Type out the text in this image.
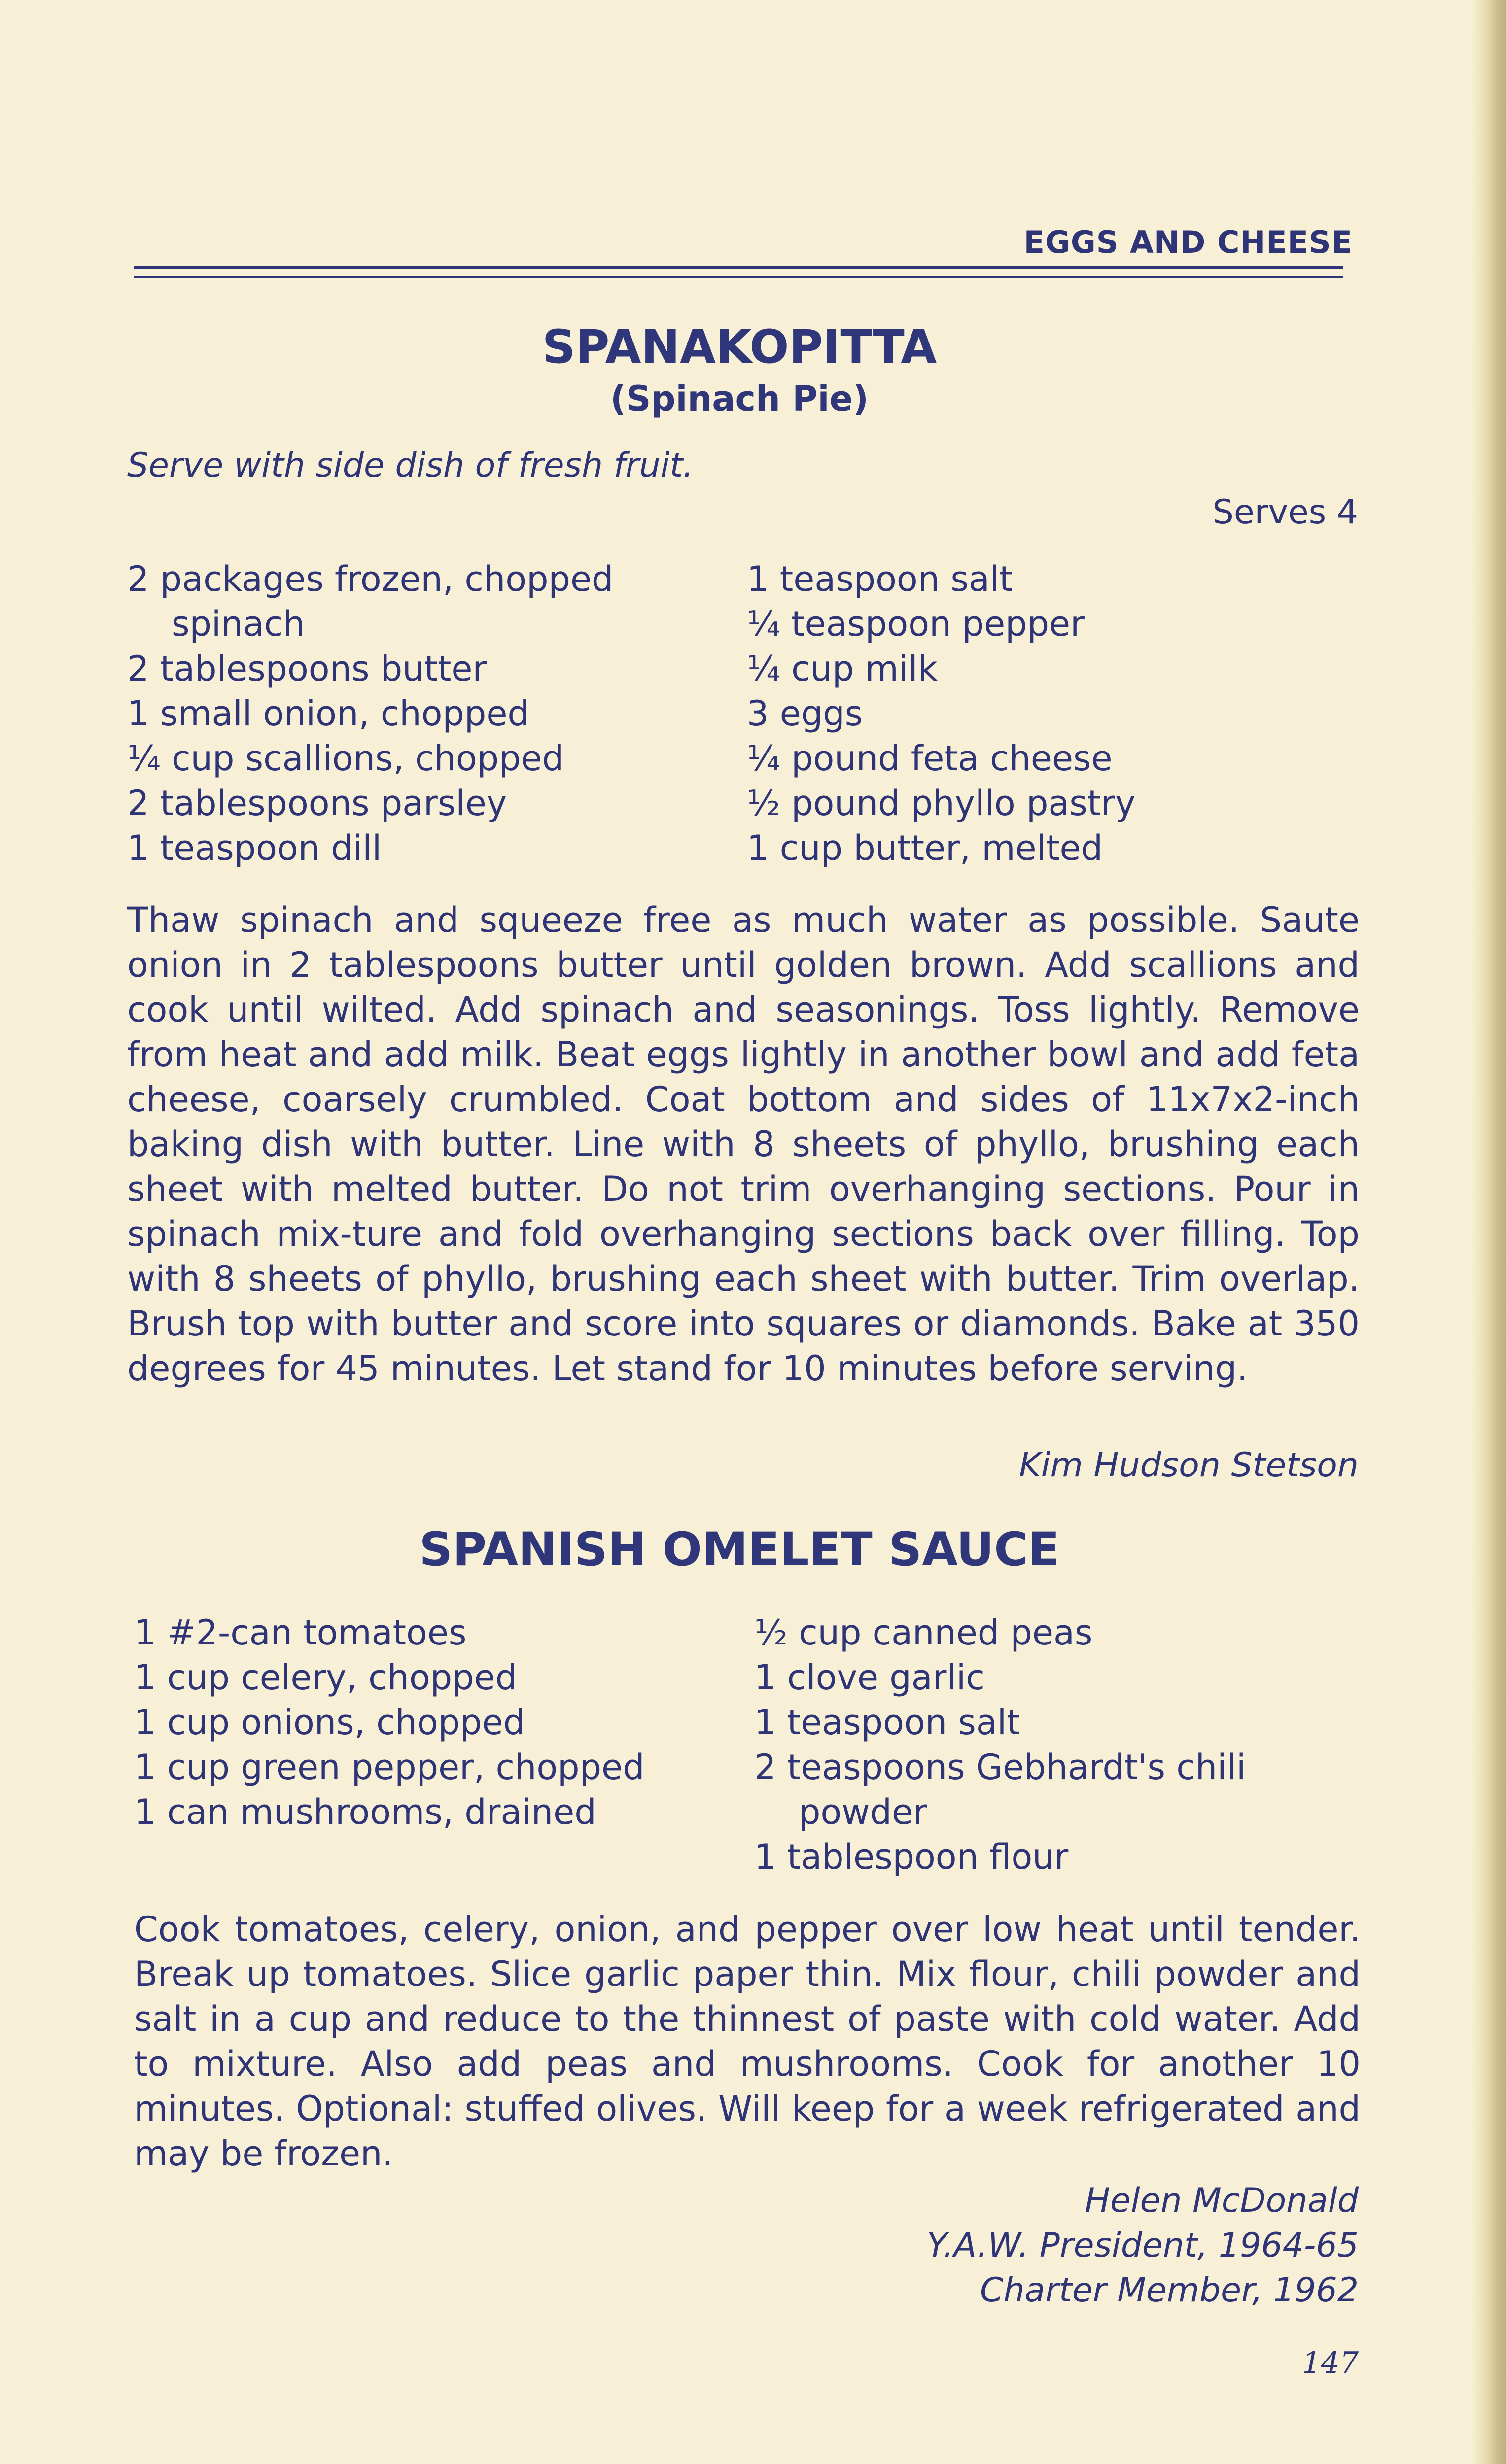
EGGS AND CHEESE
SPANAKOPITTA
(Spinach Pie)
Serve with side dish of fresh fruit.
Serves 4
2 packages frozen, chopped
spinach
2 tablespoons butter
1 small onion, chopped
¼ cup scallions, chopped
2 tablespoons parsley
1 teaspoon dill
1 teaspoon salt
¼ teaspoon pepper
¼ cup milk
3 eggs
¼ pound feta cheese
½ pound phyllo pastry
1 cup butter, melted
Thaw spinach and squeeze free as much water as possible. Saute onion in 2 tablespoons butter until golden brown. Add scallions and cook until wilted. Add spinach and seasonings. Toss lightly. Remove from heat and add milk. Beat eggs lightly in another bowl and add feta cheese, coarsely crumbled. Coat bottom and sides of 11x7x2-inch baking dish with butter. Line with 8 sheets of phyllo, brushing each sheet with melted butter. Do not trim overhanging sections. Pour in spinach mix-ture and fold overhanging sections back over filling. Top with 8 sheets of phyllo, brushing each sheet with butter. Trim overlap. Brush top with butter and score into squares or diamonds. Bake at 350 degrees for 45 minutes. Let stand for 10 minutes before serving.
Kim Hudson Stetson
SPANISH OMELET SAUCE
1 #2-can tomatoes
1 cup celery, chopped
1 cup onions, chopped
1 cup green pepper, chopped
1 can mushrooms, drained
½ cup canned peas
1 clove garlic
1 teaspoon salt
2 teaspoons Gebhardt's chili
powder
1 tablespoon flour
Cook tomatoes, celery, onion, and pepper over low heat until tender. Break up tomatoes. Slice garlic paper thin. Mix flour, chili powder and salt in a cup and reduce to the thinnest of paste with cold water. Add to mixture. Also add peas and mushrooms. Cook for another 10 minutes. Optional: stuffed olives. Will keep for a week refrigerated and may be frozen.
Helen McDonald
Y.A.W. President, 1964-65
Charter Member, 1962
147
